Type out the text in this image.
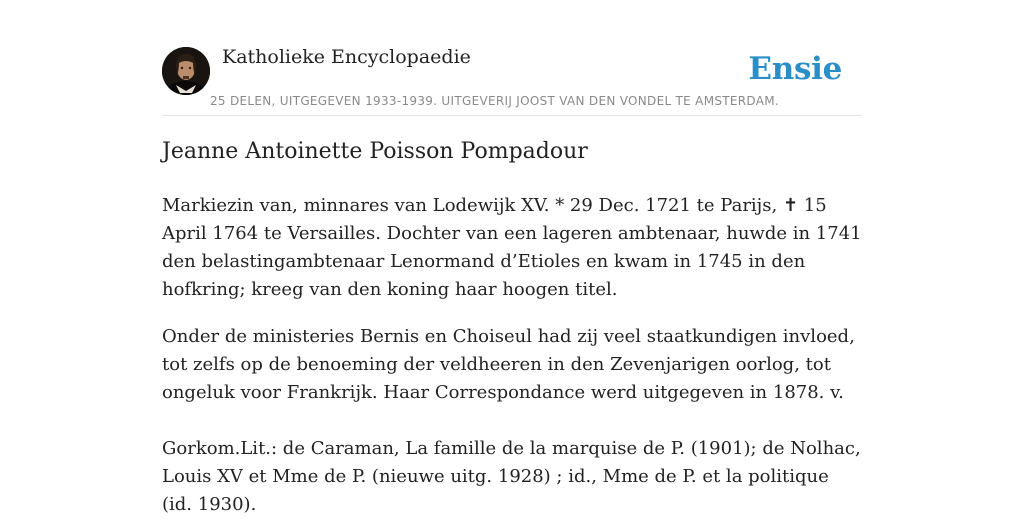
Katholieke Encyclopaedie	Ensie
25 DELEN, UITGEGEVEN 1933-1939. UITGEVERIJ JOOST VAN DEN VONDEL TE AMSTERDAM.
Jeanne Antoinette Poisson Pompadour

Markiezin van, minnares van Lodewijk XV. * 29 Dec. 1721 te Parijs, ✝ 15 April 1764 te Versailles. Dochter van een lageren ambtenaar, huwde in 1741 den belastingambtenaar Lenormand d’Etioles en kwam in 1745 in den hofkring; kreeg van den koning haar hoogen titel.

Onder de ministeries Bernis en Choiseul had zij veel staatkundigen invloed, tot zelfs op de benoeming der veldheeren in den Zevenjarigen oorlog, tot ongeluk voor Frankrijk. Haar Correspondance werd uitgegeven in 1878. v.

Gorkom.Lit.: de Caraman, La famille de la marquise de P. (1901); de Nolhac, Louis XV et Mme de P. (nieuwe uitg. 1928) ; id., Mme de P. et la politique (id. 1930).
